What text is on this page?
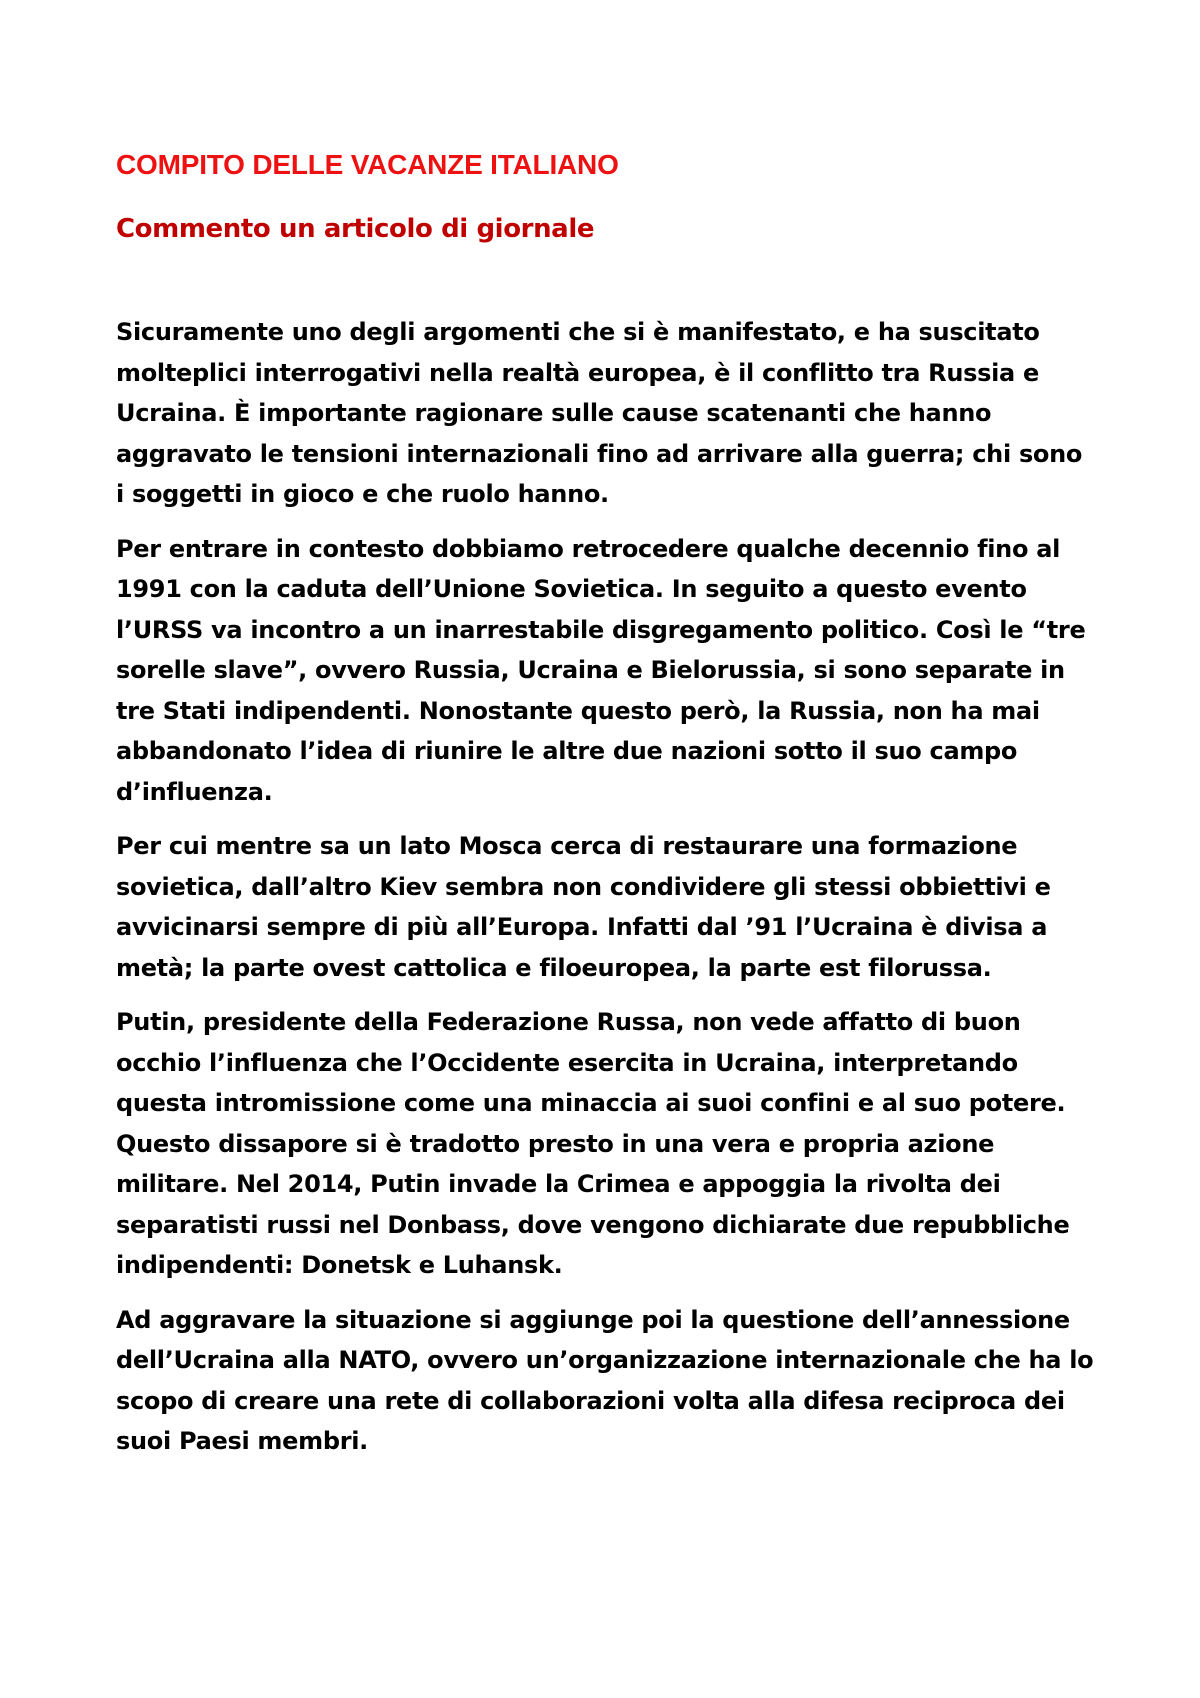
COMPITO DELLE VACANZE ITALIANO
Commento un articolo di giornale

Sicuramente uno degli argomenti che si è manifestato, e ha suscitato molteplici interrogativi nella realtà europea, è il conflitto tra Russia e Ucraina. È importante ragionare sulle cause scatenanti che hanno aggravato le tensioni internazionali fino ad arrivare alla guerra; chi sono i soggetti in gioco e che ruolo hanno.

Per entrare in contesto dobbiamo retrocedere qualche decennio fino al 1991 con la caduta dell’Unione Sovietica. In seguito a questo evento l’URSS va incontro a un inarrestabile disgregamento politico. Così le “tre sorelle slave”, ovvero Russia, Ucraina e Bielorussia, si sono separate in tre Stati indipendenti. Nonostante questo però, la Russia, non ha mai abbandonato l’idea di riunire le altre due nazioni sotto il suo campo d’influenza.

Per cui mentre sa un lato Mosca cerca di restaurare una formazione sovietica, dall’altro Kiev sembra non condividere gli stessi obbiettivi e avvicinarsi sempre di più all’Europa. Infatti dal ’91 l’Ucraina è divisa a metà; la parte ovest cattolica e filoeuropea, la parte est filorussa.

Putin, presidente della Federazione Russa, non vede affatto di buon occhio l’influenza che l’Occidente esercita in Ucraina, interpretando questa intromissione come una minaccia ai suoi confini e al suo potere. Questo dissapore si è tradotto presto in una vera e propria azione militare. Nel 2014, Putin invade la Crimea e appoggia la rivolta dei separatisti russi nel Donbass, dove vengono dichiarate due repubbliche indipendenti: Donetsk e Luhansk.

Ad aggravare la situazione si aggiunge poi la questione dell’annessione dell’Ucraina alla NATO, ovvero un’organizzazione internazionale che ha lo scopo di creare una rete di collaborazioni volta alla difesa reciproca dei suoi Paesi membri.
